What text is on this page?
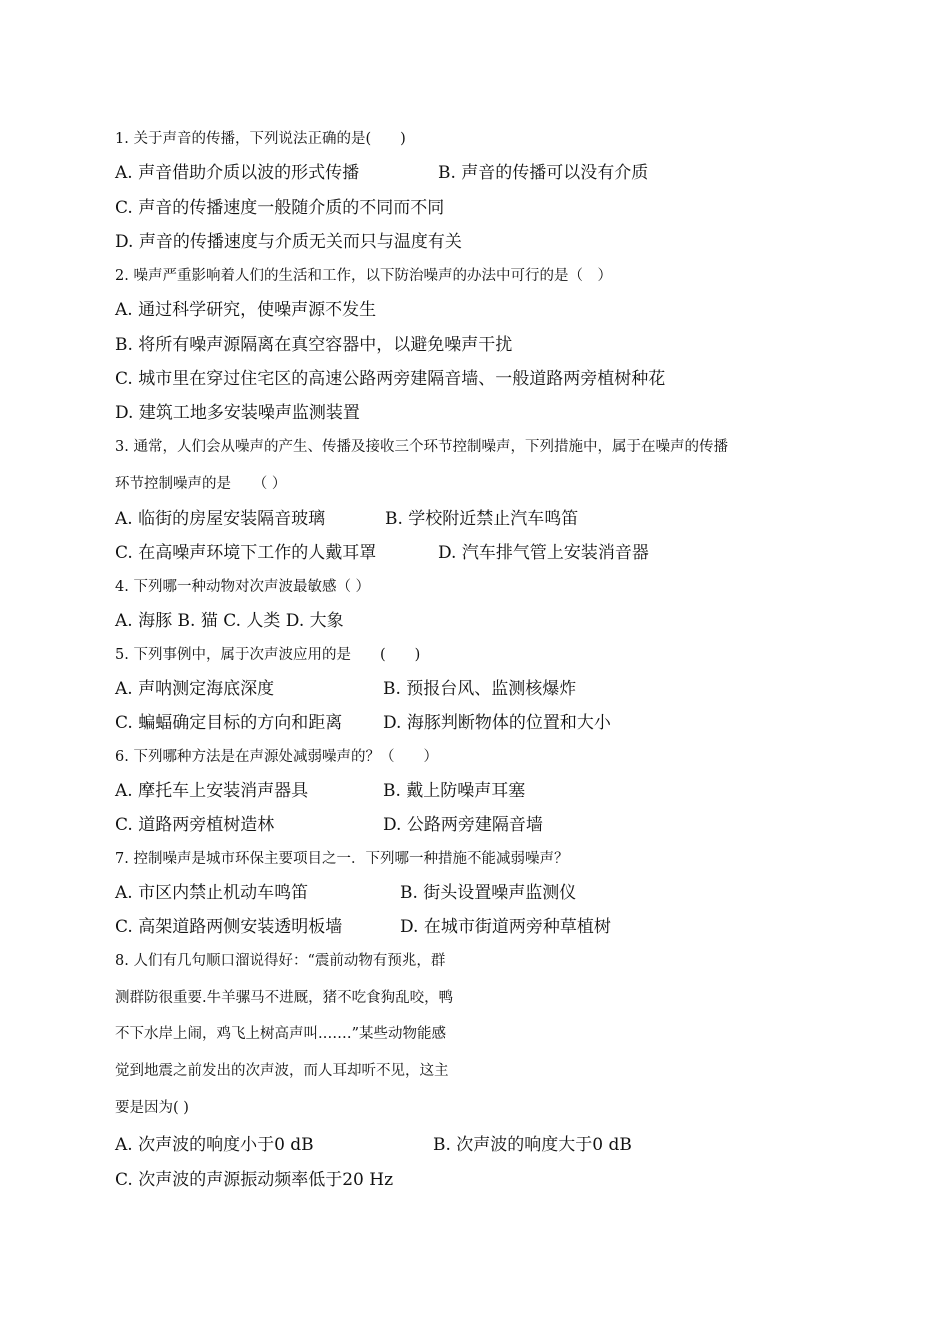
1. 关于声音的传播，下列说法正确的是(　　)
A. 声音借助介质以波的形式传播	B. 声音的传播可以没有介质
C. 声音的传播速度一般随介质的不同而不同
D. 声音的传播速度与介质无关而只与温度有关
2. 噪声严重影响着人们的生活和工作，以下防治噪声的办法中可行的是（　）
A. 通过科学研究，使噪声源不发生
B. 将所有噪声源隔离在真空容器中，以避免噪声干扰
C. 城市里在穿过住宅区的高速公路两旁建隔音墙、一般道路两旁植树种花
D. 建筑工地多安装噪声监测装置
3. 通常，人们会从噪声的产生、传播及接收三个环节控制噪声，下列措施中，属于在噪声的传播
环节控制噪声的是　　（ ）
A. 临街的房屋安装隔音玻璃	B. 学校附近禁止汽车鸣笛
C. 在高噪声环境下工作的人戴耳罩	D. 汽车排气管上安装消音器
4. 下列哪一种动物对次声波最敏感（ ）
A. 海豚 B. 猫 C. 人类 D. 大象
5. 下列事例中，属于次声波应用的是　　(　　)
A. 声呐测定海底深度	B. 预报台风、监测核爆炸
C. 蝙蝠确定目标的方向和距离 D. 海豚判断物体的位置和大小
6. 下列哪种方法是在声源处减弱噪声的？（　　）
A. 摩托车上安装消声器具	B. 戴上防噪声耳塞
C. 道路两旁植树造林	D. 公路两旁建隔音墙
7. 控制噪声是城市环保主要项目之一．下列哪一种措施不能减弱噪声？
A. 市区内禁止机动车鸣笛	B. 街头设置噪声监测仪
C. 高架道路两侧安装透明板墙	D. 在城市街道两旁种草植树
8. 人们有几句顺口溜说得好：“震前动物有预兆，群
测群防很重要.牛羊骡马不进厩，猪不吃食狗乱咬，鸭
不下水岸上闹，鸡飞上树高声叫.……”某些动物能感
觉到地震之前发出的次声波，而人耳却听不见，这主
要是因为( )
A. 次声波的响度小于0 dB	B. 次声波的响度大于0 dB
C. 次声波的声源振动频率低于20 Hz
